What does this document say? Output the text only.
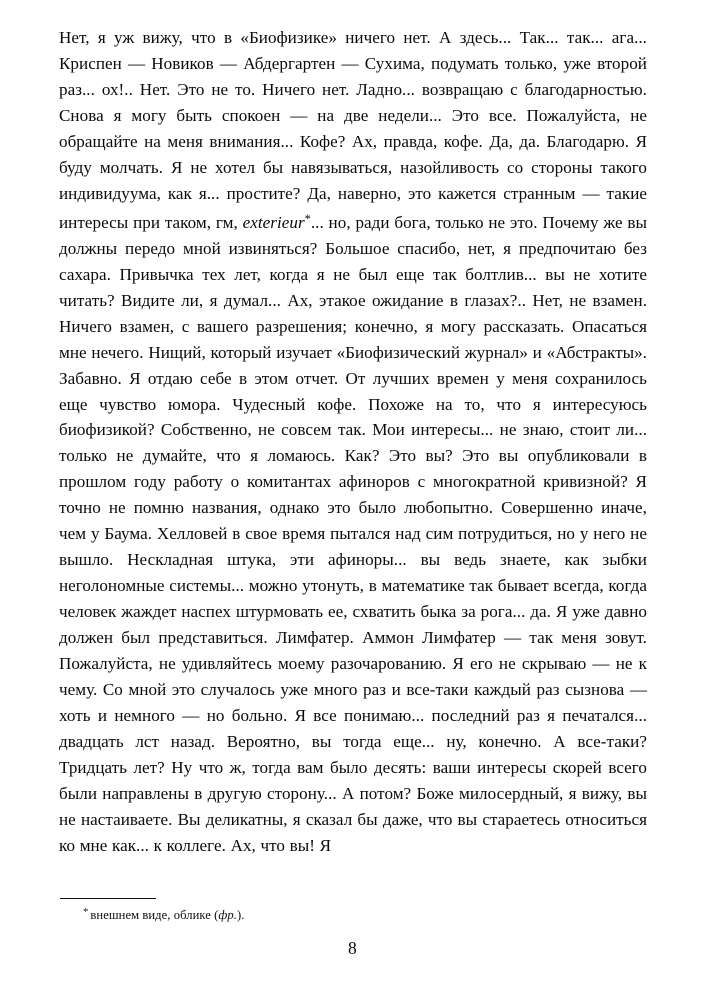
Нет, я уж вижу, что в «Биофизике» ничего нет. А здесь... Так... так... ага... Криспен — Новиков — Абдергартен — Сухима, подумать только, уже второй раз... ох!.. Нет. Это не то. Ничего нет. Ладно... возвращаю с благодарностью. Снова я могу быть спокоен — на две недели... Это все. Пожалуйста, не обращайте на меня внимания... Кофе? Ах, правда, кофе. Да, да. Благодарю. Я буду молчать. Я не хотел бы навязываться, назойливость со стороны такого индивидуума, как я... простите? Да, наверно, это кажется странным — такие интересы при таком, гм, exterieur*... но, ради бога, только не это. Почему же вы должны передо мной извиняться? Большое спасибо, нет, я предпочитаю без сахара. Привычка тех лет, когда я не был еще так болтлив... вы не хотите читать? Видите ли, я думал... Ах, этакое ожидание в глазах?.. Нет, не взамен. Ничего взамен, с вашего разрешения; конечно, я могу рассказать. Опасаться мне нечего. Нищий, который изучает «Биофизический журнал» и «Абстракты». Забавно. Я отдаю себе в этом отчет. От лучших времен у меня сохранилось еще чувство юмора. Чудесный кофе. Похоже на то, что я интересуюсь биофизикой? Собственно, не совсем так. Мои интересы... не знаю, стоит ли... только не думайте, что я ломаюсь. Как? Это вы? Это вы опубликовали в прошлом году работу о комитантах афиноров с многократной кривизной? Я точно не помню названия, однако это было любопытно. Совершенно иначе, чем у Баума. Хелловей в свое время пытался над сим потрудиться, но у него не вышло. Нескладная штука, эти афиноры... вы ведь знаете, как зыбки неголономные системы... можно утонуть, в математике так бывает всегда, когда человек жаждет наспех штурмовать ее, схватить быка за рога... да. Я уже давно должен был представиться. Лимфатер. Аммон Лимфатер — так меня зовут. Пожалуйста, не удивляйтесь моему разочарованию. Я его не скрываю — не к чему. Со мной это случалось уже много раз и все-таки каждый раз сызнова — хоть и немного — но больно. Я все понимаю... последний раз я печатался... двадцать лст назад. Вероятно, вы тогда еще... ну, конечно. А все-таки? Тридцать лет? Ну что ж, тогда вам было десять: ваши интересы скорей всего были направлены в другую сторону... А потом? Боже милосердный, я вижу, вы не настаиваете. Вы деликатны, я сказал бы даже, что вы стараетесь относиться ко мне как... к коллеге. Ах, что вы! Я

* внешнем виде, облике (фр.).

8
